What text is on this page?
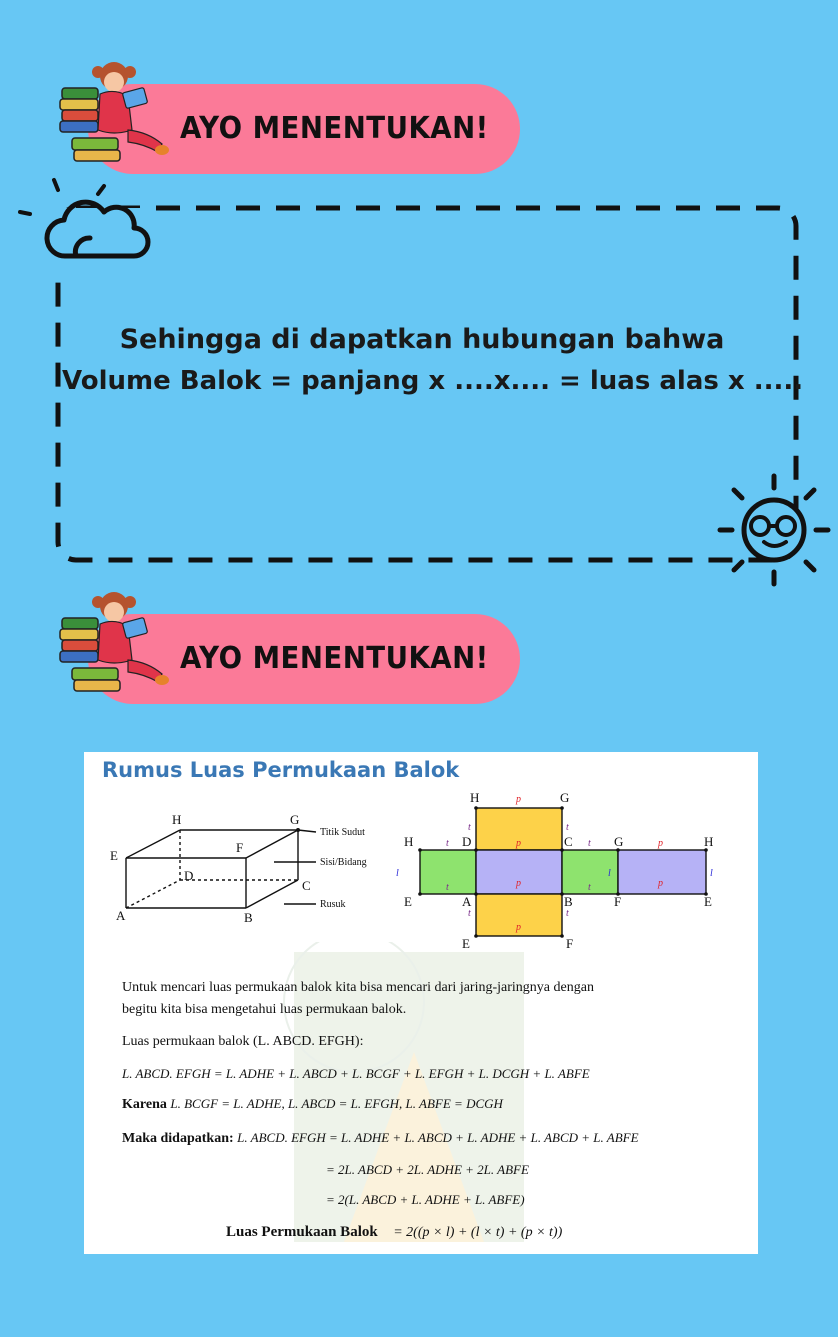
AYO MENENTUKAN!
Sehingga di dapatkan hubungan bahwa
Volume Balok = panjang x ....x.... = luas alas x .....
AYO MENENTUKAN!
Rumus Luas Permukaan Balok
H	G
E
F
D
C
A	B
Titik Sudut
Sisi/Bidang
Rusuk
H	G
H	D	C	G	H
E	A	B	F	E
E	F
p
p
p
p
p
p
l	l	l
t	t
t
t
t
t
t	t
Untuk mencari luas permukaan balok kita bisa mencari dari jaring-jaringnya dengan
begitu kita bisa mengetahui luas permukaan balok.
Luas permukaan balok (L. ABCD. EFGH):
L. ABCD. EFGH = L. ADHE + L. ABCD + L. BCGF + L. EFGH + L. DCGH + L. ABFE
Karena L. BCGF = L. ADHE, L. ABCD = L. EFGH, L. ABFE = DCGH
Maka didapatkan: L. ABCD. EFGH = L. ADHE + L. ABCD + L. ADHE + L. ABCD + L. ABFE
= 2L. ABCD + 2L. ADHE + 2L. ABFE
= 2(L. ABCD + L. ADHE + L. ABFE)
Luas Permukaan Balok = 2((p × l) + (l × t) + (p × t))
